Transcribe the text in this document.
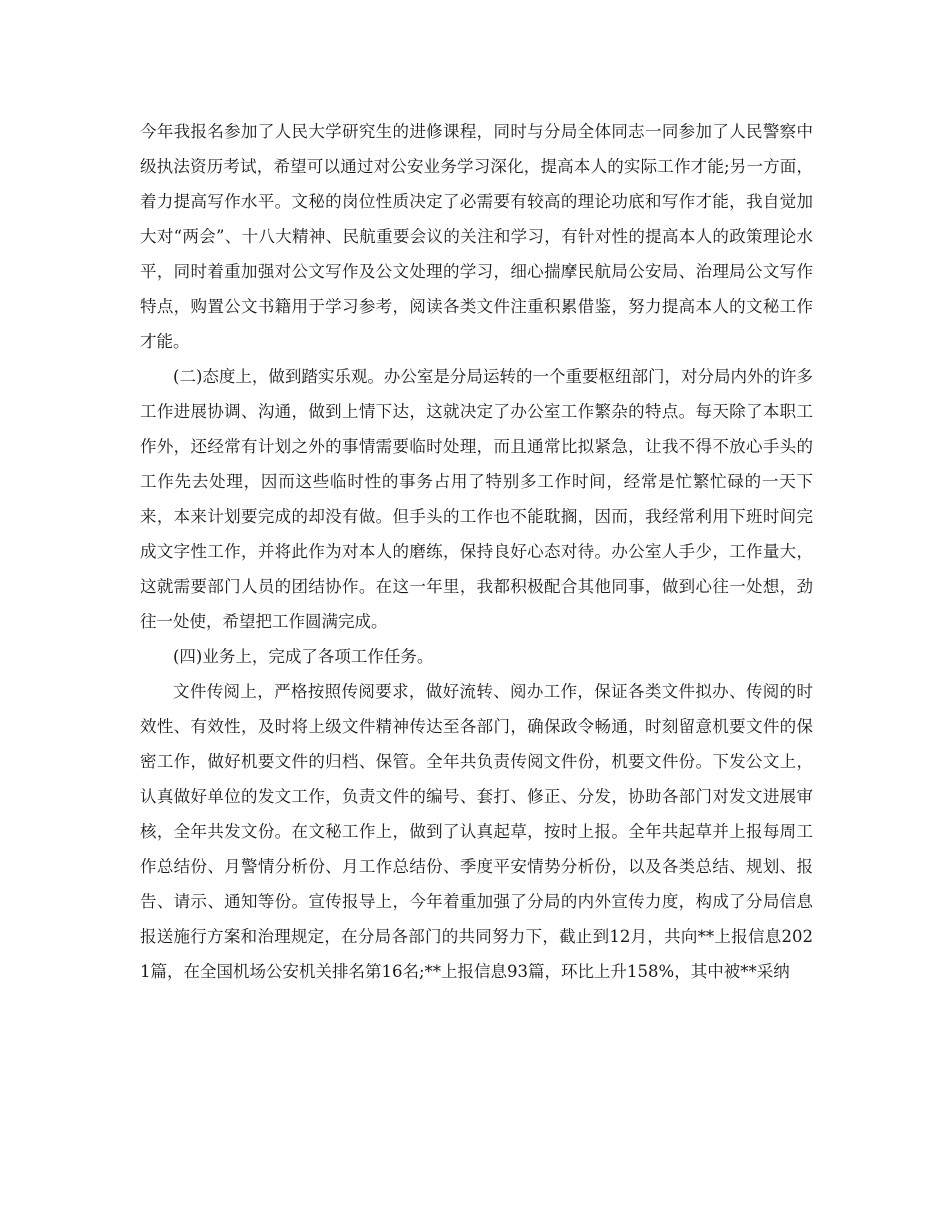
今年我报名参加了人民大学研究生的进修课程，同时与分局全体同志一同参加了人民警察中级执法资历考试，希望可以通过对公安业务学习深化，提高本人的实际工作才能;另一方面，着力提高写作水平。文秘的岗位性质决定了必需要有较高的理论功底和写作才能，我自觉加大对“两会”、十八大精神、民航重要会议的关注和学习，有针对性的提高本人的政策理论水平，同时着重加强对公文写作及公文处理的学习，细心揣摩民航局公安局、治理局公文写作特点，购置公文书籍用于学习参考，阅读各类文件注重积累借鉴，努力提高本人的文秘工作才能。

(二)态度上，做到踏实乐观。办公室是分局运转的一个重要枢纽部门，对分局内外的许多工作进展协调、沟通，做到上情下达，这就决定了办公室工作繁杂的特点。每天除了本职工作外，还经常有计划之外的事情需要临时处理，而且通常比拟紧急，让我不得不放心手头的工作先去处理，因而这些临时性的事务占用了特别多工作时间，经常是忙繁忙碌的一天下来，本来计划要完成的却没有做。但手头的工作也不能耽搁，因而，我经常利用下班时间完成文字性工作，并将此作为对本人的磨练，保持良好心态对待。办公室人手少，工作量大，这就需要部门人员的团结协作。在这一年里，我都积极配合其他同事，做到心往一处想，劲往一处使，希望把工作圆满完成。

(四)业务上，完成了各项工作任务。

文件传阅上，严格按照传阅要求，做好流转、阅办工作，保证各类文件拟办、传阅的时效性、有效性，及时将上级文件精神传达至各部门，确保政令畅通，时刻留意机要文件的保密工作，做好机要文件的归档、保管。全年共负责传阅文件份，机要文件份。下发公文上，认真做好单位的发文工作，负责文件的编号、套打、修正、分发，协助各部门对发文进展审核，全年共发文份。在文秘工作上，做到了认真起草，按时上报。全年共起草并上报每周工作总结份、月警情分析份、月工作总结份、季度平安情势分析份，以及各类总结、规划、报告、请示、通知等份。宣传报导上，今年着重加强了分局的内外宣传力度，构成了分局信息报送施行方案和治理规定，在分局各部门的共同努力下，截止到12月，共向**上报信息2021篇，在全国机场公安机关排名第16名;**上报信息93篇，环比上升158%，其中被**采纳
